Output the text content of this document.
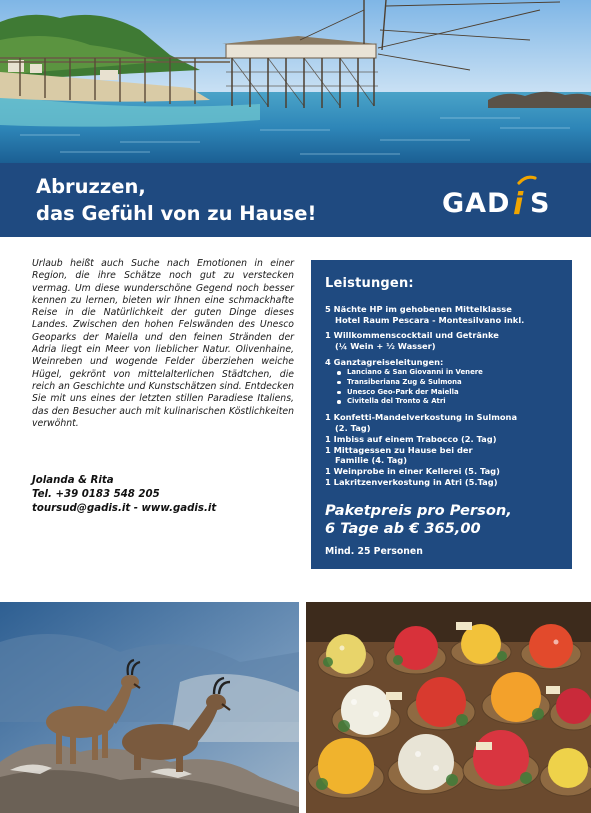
Abruzzen,
das Gefühl von zu Hause!	GAD i S

Urlaub heißt auch Suche nach Emotionen in einer Region, die ihre Schätze noch gut zu verstecken vermag. Um diese wunderschöne Gegend noch besser kennen zu lernen, bieten wir Ihnen eine schmackhafte Reise in die Natürlichkeit der guten Dinge dieses Landes. Zwischen den hohen Felswänden des Unesco Geoparks der Maiella und den feinen Stränden der Adria liegt ein Meer von lieblicher Natur. Olivenhaine, Weinreben und wogende Felder überziehen weiche Hügel, gekrönt von mittelalterlichen Städtchen, die reich an Geschichte und Kunstschätzen sind. Entdecken Sie mit uns eines der letzten stillen Paradiese Italiens, das den Besucher auch mit kulinarischen Köstlichkeiten verwöhnt.

Jolanda & Rita
Tel. +39 0183 548 205
toursud@gadis.it - www.gadis.it
Leistungen:
5 Nächte HP im gehobenen Mittelklasse
Hotel Raum Pescara - Montesilvano inkl.
1 Willkommenscocktail und Getränke
(¼ Wein + ½ Wasser)
4 Ganztagreiseleitungen:
Lanciano & San Giovanni in Venere
Transiberiana Zug & Sulmona
Unesco Geo-Park der Maiella
Civitella del Tronto & Atri
1 Konfetti-Mandelverkostung in Sulmona
(2. Tag)
1 Imbiss auf einem Trabocco (2. Tag)
1 Mittagessen zu Hause bei der
Familie (4. Tag)
1 Weinprobe in einer Kellerei (5. Tag)
1 Lakritzenverkostung in Atri (5.Tag)
Paketpreis pro Person,
6 Tage ab € 365,00
Mind. 25 Personen
